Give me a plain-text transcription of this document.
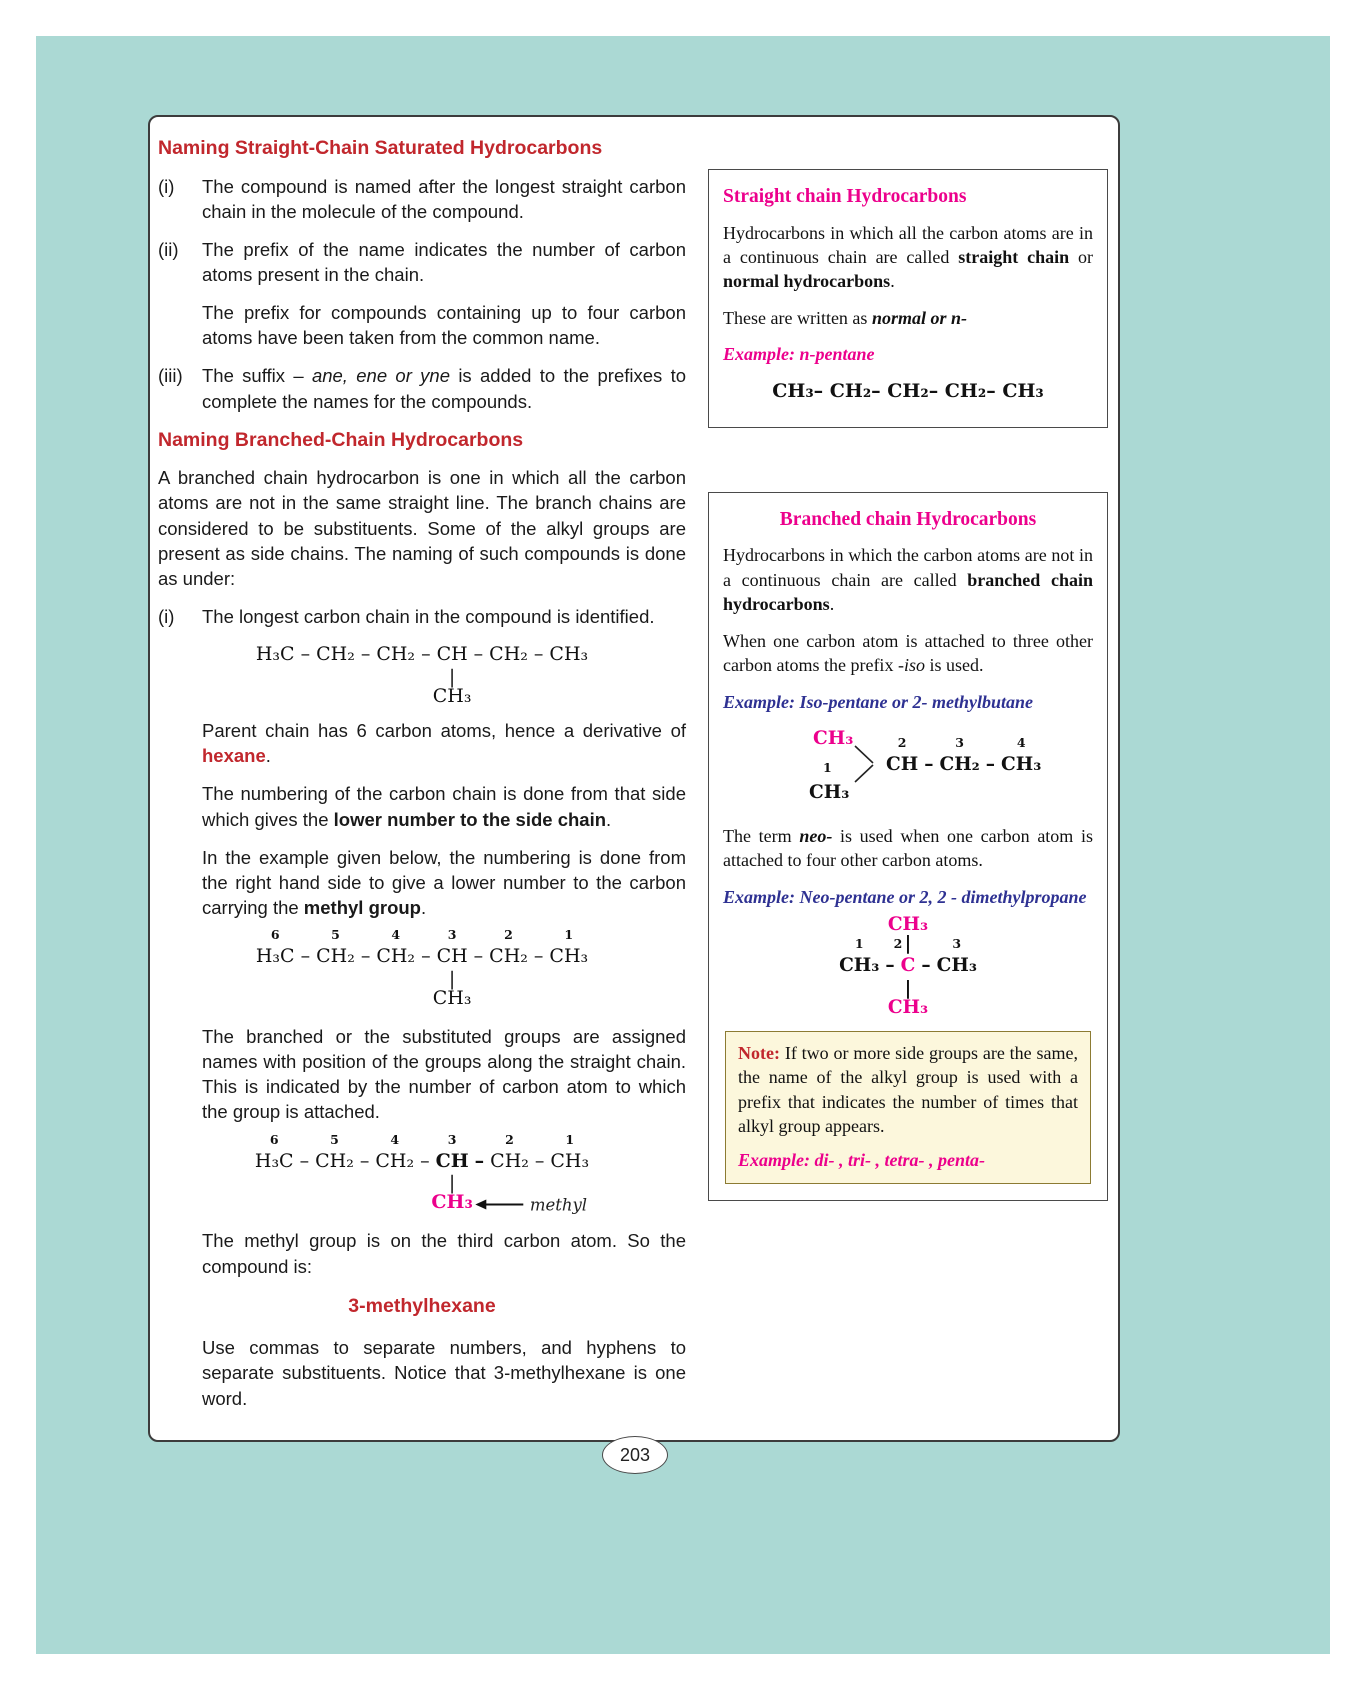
Naming Straight-Chain Saturated Hydrocarbons
(i)	The compound is named after the longest straight carbon chain in the molecule of the compound.
(ii)	The prefix of the name indicates the number of carbon atoms present in the chain.

The prefix for compounds containing up to four carbon atoms have been taken from the common name.

(iii)	The suffix – ane, ene or yne is added to the prefixes to complete the names for the compounds.
Naming Branched-Chain Hydrocarbons

A branched chain hydrocarbon is one in which all the carbon atoms are not in the same straight line. The branch chains are considered to be substituents. Some of the alkyl groups are present as side chains. The naming of such compounds is done as under:

(i)	The longest carbon chain in the compound is identified.
H₃C – CH₂ – CH₂ – CH
|
CH₃
– CH₂ – CH₃

Parent chain has 6 carbon atoms, hence a derivative of hexane.

The numbering of the carbon chain is done from that side which gives the lower number to the side chain.

In the example given below, the numbering is done from the right hand side to give a lower number to the carbon carrying the methyl group.

H₃C
6
– CH₂
5
– CH₂
4
– CH
3
|
CH₃
– CH₂
2
– CH₃
1

The branched or the substituted groups are assigned names with position of the groups along the straight chain. This is indicated by the number of carbon atom to which the group is attached.

H₃C
6
– CH₂
5
– CH₂
4
– CH
3
|
CH₃	methyl
– CH₂
2
– CH₃
1

The methyl group is on the third carbon atom. So the compound is:

3-methylhexane

Use commas to separate numbers, and hyphens to separate substituents. Notice that 3-methylhexane is one word.

Straight chain Hydrocarbons

Hydrocarbons in which all the carbon atoms are in a continuous chain are called straight chain or normal hydrocarbons.

These are written as normal or n-

Example: n-pentane
CH₃– CH₂– CH₂– CH₂– CH₃
Branched chain Hydrocarbons

Hydrocarbons in which the carbon atoms are not in a continuous chain are called branched chain hydrocarbons.

When one carbon atom is attached to three other carbon atoms the prefix -iso is used.

Example: Iso-pentane or 2- methylbutane
CH₃
1
CH₃
CH
2
– CH₂
3
– CH₃
4

The term neo- is used when one carbon atom is attached to four other carbon atoms.

Example: Neo-pentane or 2, 2 - dimethylpropane
CH₃
1
– C
2
CH₃
|
|
CH₃
– CH₃
3

Note: If two or more side groups are the same, the name of the alkyl group is used with a prefix that indicates the number of times that alkyl group appears.

Example: di- , tri- , tetra- , penta-
203
